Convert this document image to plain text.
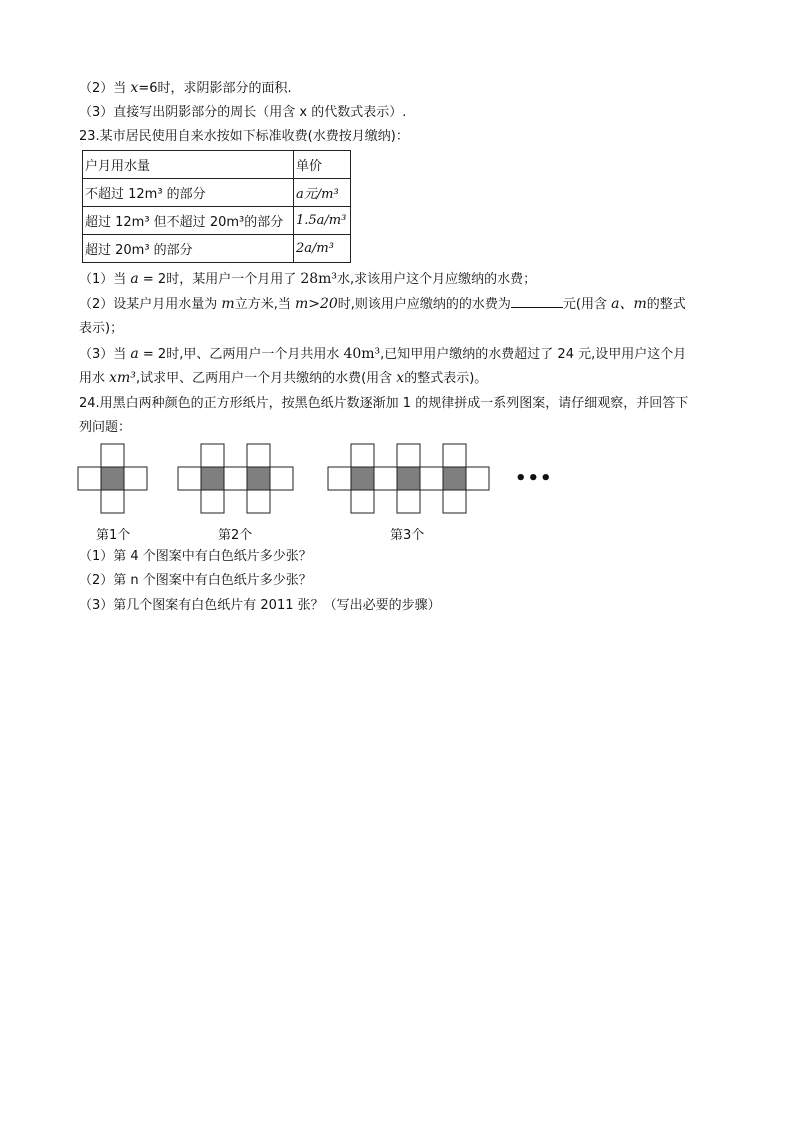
（2）当 x=6时，求阴影部分的面积.
（3）直接写出阴影部分的周长（用含 x 的代数式表示）.
23.某市居民使用自来水按如下标准收费(水费按月缴纳)：
户月用水量	单价
不超过 12m³ 的部分	a元/m³
超过 12m³ 但不超过 20m³的部分	1.5a/m³
超过 20m³ 的部分	2a/m³
（1）当 a = 2时，某用户一个月用了 28m³水,求该用户这个月应缴纳的水费；
（2）设某户月用水量为 m立方米,当 m>20时,则该用户应缴纳的的水费为	元(用含 a、m的整式
表示)；
（3）当 a = 2时,甲、乙两用户一个月共用水 40m³,已知甲用户缴纳的水费超过了 24 元,设甲用户这个月
用水 xm³,试求甲、乙两用户一个月共缴纳的水费(用含 x的整式表示)。
24.用黑白两种颜色的正方形纸片，按黑色纸片数逐渐加 1 的规律拼成一系列图案，请仔细观察，并回答下
列问题：
第1个	第2个	第3个
•••
（1）第 4 个图案中有白色纸片多少张？
（2）第 n 个图案中有白色纸片多少张？
（3）第几个图案有白色纸片有 2011 张？（写出必要的步骤）
